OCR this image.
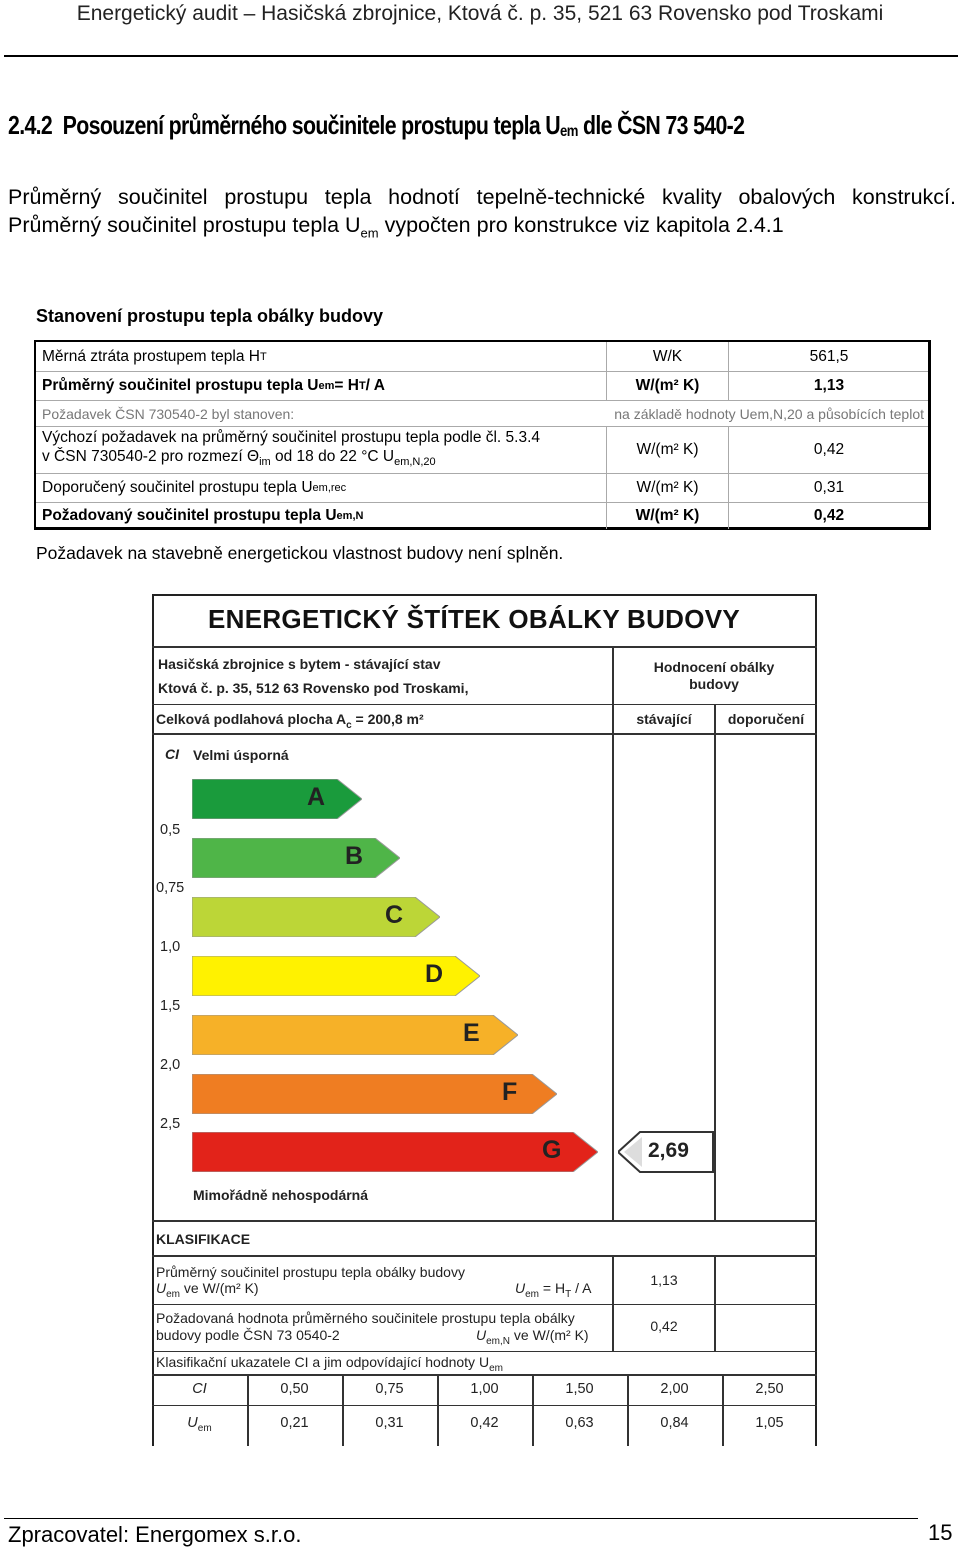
Energetický audit – Hasičská zbrojnice, Ktová č. p. 35, 521 63 Rovensko pod Troskami
2.4.2 Posouzení průměrného součinitele prostupu tepla $U_{em}$ dle ČSN 73 540-2
Průměrný součinitel prostupu tepla hodnotí tepelně-technické kvality obalových konstrukcí. Průměrný součinitel prostupu tepla $U_{em}$ vypočten pro konstrukce viz kapitola 2.4.1
Stanovení prostupu tepla obálky budovy
Měrná ztráta prostupem tepla H T	W/K	561,5
Průměrný součinitel prostupu tepla U em = H T / A	W/(m² K)	1,13
Požadavek ČSN 730540-2 byl stanoven:	na základě hodnoty Uem,N,20 a působících teplot
Výchozí požadavek na průměrný součinitel prostupu tepla podle čl. 5.3.4
v ČSN 730540-2 pro rozmezí $\Theta_{im}$ od 18 do 22 °C $U_{em,N,20}$
W/(m² K)	0,42
Doporučený součinitel prostupu tepla U em,rec	W/(m² K)	0,31
Požadovaný součinitel prostupu tepla U em,N	W/(m² K)	0,42
Požadavek na stavebně energetickou vlastnost budovy není splněn.
ENERGETICKÝ ŠTÍTEK OBÁLKY BUDOVY
Hasičská zbrojnice s bytem - stávající stav
Ktová č. p. 35, 512 63 Rovensko pod Troskami,
Hodnocení obálky
budovy
Celková podlahová plocha $A_c = 200,8$ m²	stávající	doporučení
CI Velmi úsporná
A
B
C
D
E
F
G
0,5
0,75
1,0
1,5
2,0
2,5
2,69
Mimořádně nehospodárná
KLASIFIKACE
Průměrný součinitel prostupu tepla obálky budovy
$U_{em}$ ve W/(m² K)	$U_{em} = H_T / A$	1,13
Požadovaná hodnota průměrného součinitele prostupu tepla obálky
budovy podle ČSN 73 0540-2	$U_{em,N}$ ve W/(m² K)
0,42
Klasifikační ukazatele CI a jim odpovídající hodnoty $U_{em}$
CI	0,50	0,75	1,00	1,50	2,00	2,50
$U_{em}$	0,21	0,31	0,42	0,63	0,84	1,05
Zpracovatel: Energomex s.r.o.	15
